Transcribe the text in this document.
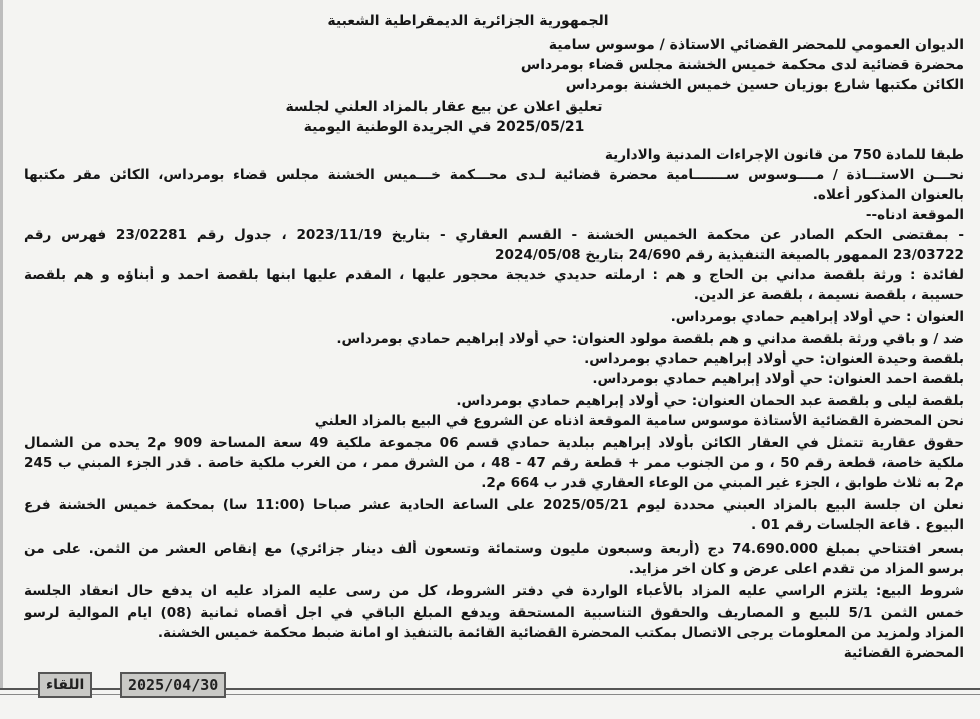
الجمهورية الجزائرية الديمقراطية الشعبية
الديوان العمومي للمحضر القضائي الاستاذة / موسوس سامية
محضرة قضائية لدى محكمة خميس الخشنة مجلس قضاء بومرداس
الكائن مكتبها شارع بوزيان حسين خميس الخشنة بومرداس
تعليق اعلان عن بيع عقار بالمزاد العلني لجلسة
2025/05/21 في الجريدة الوطنية اليومية
طبقا للمادة 750 من قانون الإجراءات المدنية والادارية
نحـــن الاستـــاذة / مــــوسوس ســـــــامية محضرة قضائية لـدى محـــكمة خـــميس الخشنة مجلس قضاء بومرداس، الكائن مقر مكتبها
بالعنوان المذكور أعلاه.
الموقعة ادناه--
- بمقتضى الحكم الصادر عن محكمة الخميس الخشنة - القسم العقاري - بتاريخ 2023/11/19 ، جدول رقم 23/02281 فهرس رقم
23/03722 الممهور بالصيغة التنفيذية رقم 24/690 بتاريخ 2024/05/08
لفائدة : ورثة بلقصة مداني بن الحاج و هم : ارملته حديدي خديجة محجور عليها ، المقدم عليها ابنها بلقصة احمد و أبناؤه و هم بلقصة
حسيبة ، بلقصة نسيمة ، بلقصة عز الدين.
العنوان : حي أولاد إبراهيم حمادي بومرداس.
ضد / و باقي ورثة بلقصة مداني و هم بلقصة مولود العنوان: حي أولاد إبراهيم حمادي بومرداس.
بلقصة وحيدة العنوان: حي أولاد إبراهيم حمادي بومرداس.
بلقصة احمد العنوان: حي أولاد إبراهيم حمادي بومرداس.
بلقصة ليلى و بلقصة عبد الحمان العنوان: حي أولاد إبراهيم حمادي بومرداس.
نحن المحضرة القضائية الأستاذة موسوس سامية الموقعة اذناه عن الشروع في البيع بالمزاد العلني
حقوق عقارية تتمثل في العقار الكائن بأولاد إبراهيم ببلدية حمادي قسم 06 مجموعة ملكية 49 سعة المساحة 909 م2 يحده من الشمال
ملكية خاصة، قطعة رقم 50 ، و من الجنوب ممر + قطعة رقم 47 - 48 ، من الشرق ممر ، من الغرب ملكية خاصة . قدر الجزء المبني ب 245
م2 به ثلاث طوابق ، الجزء غير المبني من الوعاء العقاري قدر ب 664 م2.
نعلن ان جلسة البيع بالمزاد العبني محددة ليوم 2025/05/21 على الساعة الحادية عشر صباحا (11:00 سا) بمحكمة خميس الخشنة فرع
البيوع . قاعة الجلسات رقم 01 .
بسعر افتتاحي بمبلغ 74.690.000 دج (أربعة وسبعون مليون وستمائة وتسعون ألف دينار جزائري) مع إنقاص العشر من الثمن. على من
برسو المزاد من تقدم اعلى عرض و كان اخر مزايد.
شروط البيع: يلتزم الراسي عليه المزاد بالأعباء الواردة في دفتر الشروط، كل من رسى عليه المزاد عليه ان يدفع حال انعقاد الجلسة
خمس الثمن 5/1 للبيع و المصاريف والحقوق التناسبية المستحقة ويدفع المبلغ الباقي في اجل أقصاه ثمانية (08) ايام الموالية لرسو
المزاد ولمزيد من المعلومات يرجى الاتصال بمكتب المحضرة القضائية القائمة بالتنفيذ او امانة ضبط محكمة خميس الخشنة.
المحضرة القضائية
2025/04/30
اللقاء
